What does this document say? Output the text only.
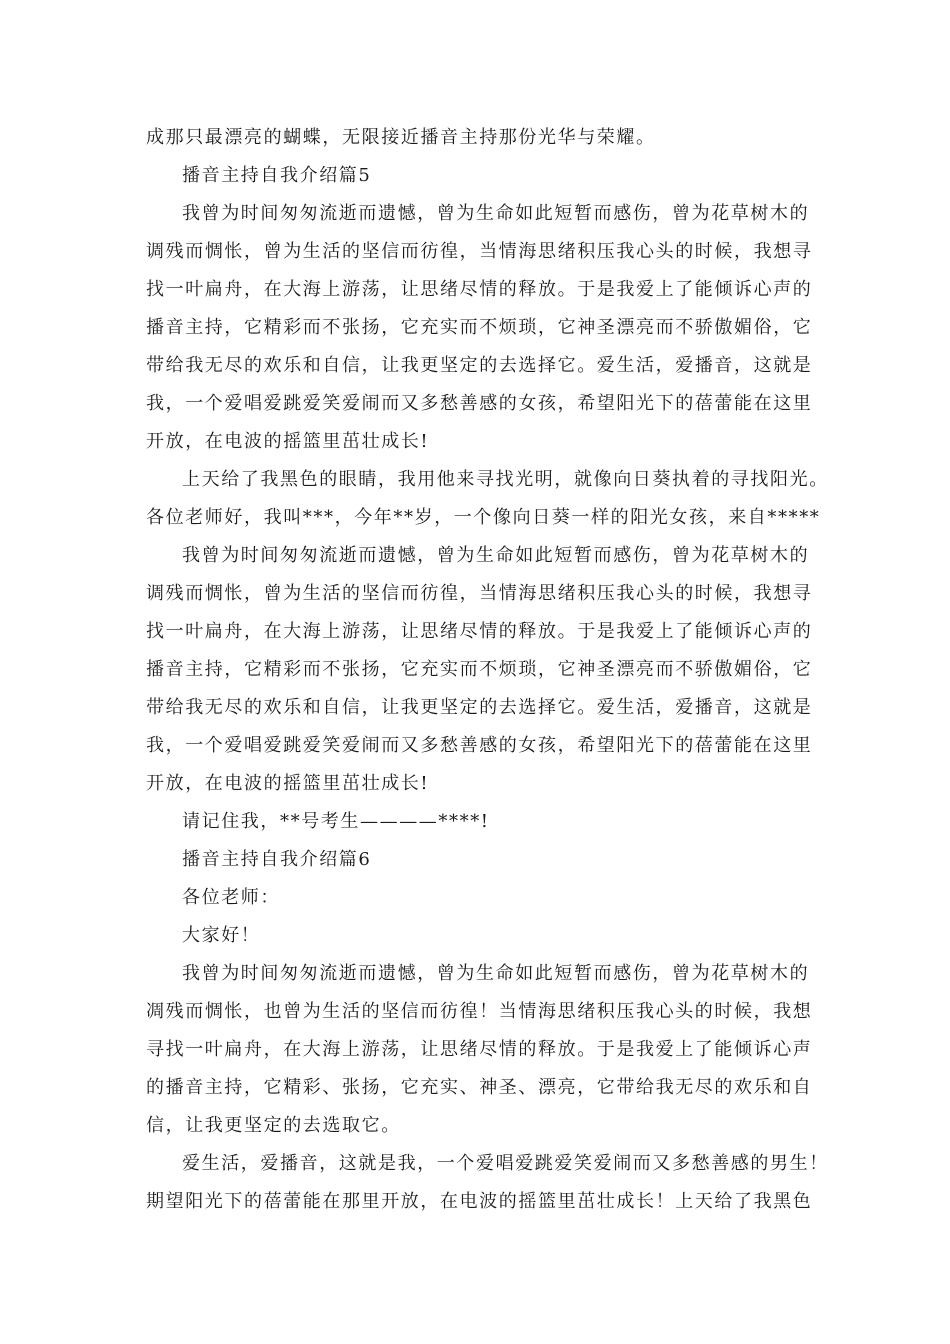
成那只最漂亮的蝴蝶，无限接近播音主持那份光华与荣耀。
播音主持自我介绍篇5
我曾为时间匆匆流逝而遗憾，曾为生命如此短暂而感伤，曾为花草树木的
调残而惆怅，曾为生活的坚信而彷徨，当情海思绪积压我心头的时候，我想寻
找一叶扁舟，在大海上游荡，让思绪尽情的释放。于是我爱上了能倾诉心声的
播音主持，它精彩而不张扬，它充实而不烦琐，它神圣漂亮而不骄傲媚俗，它
带给我无尽的欢乐和自信，让我更坚定的去选择它。爱生活，爱播音，这就是
我，一个爱唱爱跳爱笑爱闹而又多愁善感的女孩，希望阳光下的蓓蕾能在这里
开放，在电波的摇篮里茁壮成长!
上天给了我黑色的眼睛，我用他来寻找光明，就像向日葵执着的寻找阳光。
各位老师好，我叫***，今年**岁，一个像向日葵一样的阳光女孩，来自*****
我曾为时间匆匆流逝而遗憾，曾为生命如此短暂而感伤，曾为花草树木的
调残而惆怅，曾为生活的坚信而彷徨，当情海思绪积压我心头的时候，我想寻
找一叶扁舟，在大海上游荡，让思绪尽情的释放。于是我爱上了能倾诉心声的
播音主持，它精彩而不张扬，它充实而不烦琐，它神圣漂亮而不骄傲媚俗，它
带给我无尽的欢乐和自信，让我更坚定的去选择它。爱生活，爱播音，这就是
我，一个爱唱爱跳爱笑爱闹而又多愁善感的女孩，希望阳光下的蓓蕾能在这里
开放，在电波的摇篮里茁壮成长!
请记住我，**号考生————****!
播音主持自我介绍篇6
各位老师：
大家好！
我曾为时间匆匆流逝而遗憾，曾为生命如此短暂而感伤，曾为花草树木的
凋残而惆怅，也曾为生活的坚信而彷徨！当情海思绪积压我心头的时候，我想
寻找一叶扁舟，在大海上游荡，让思绪尽情的释放。于是我爱上了能倾诉心声
的播音主持，它精彩、张扬，它充实、神圣、漂亮，它带给我无尽的欢乐和自
信，让我更坚定的去选取它。
爱生活，爱播音，这就是我，一个爱唱爱跳爱笑爱闹而又多愁善感的男生！
期望阳光下的蓓蕾能在那里开放，在电波的摇篮里茁壮成长！上天给了我黑色
